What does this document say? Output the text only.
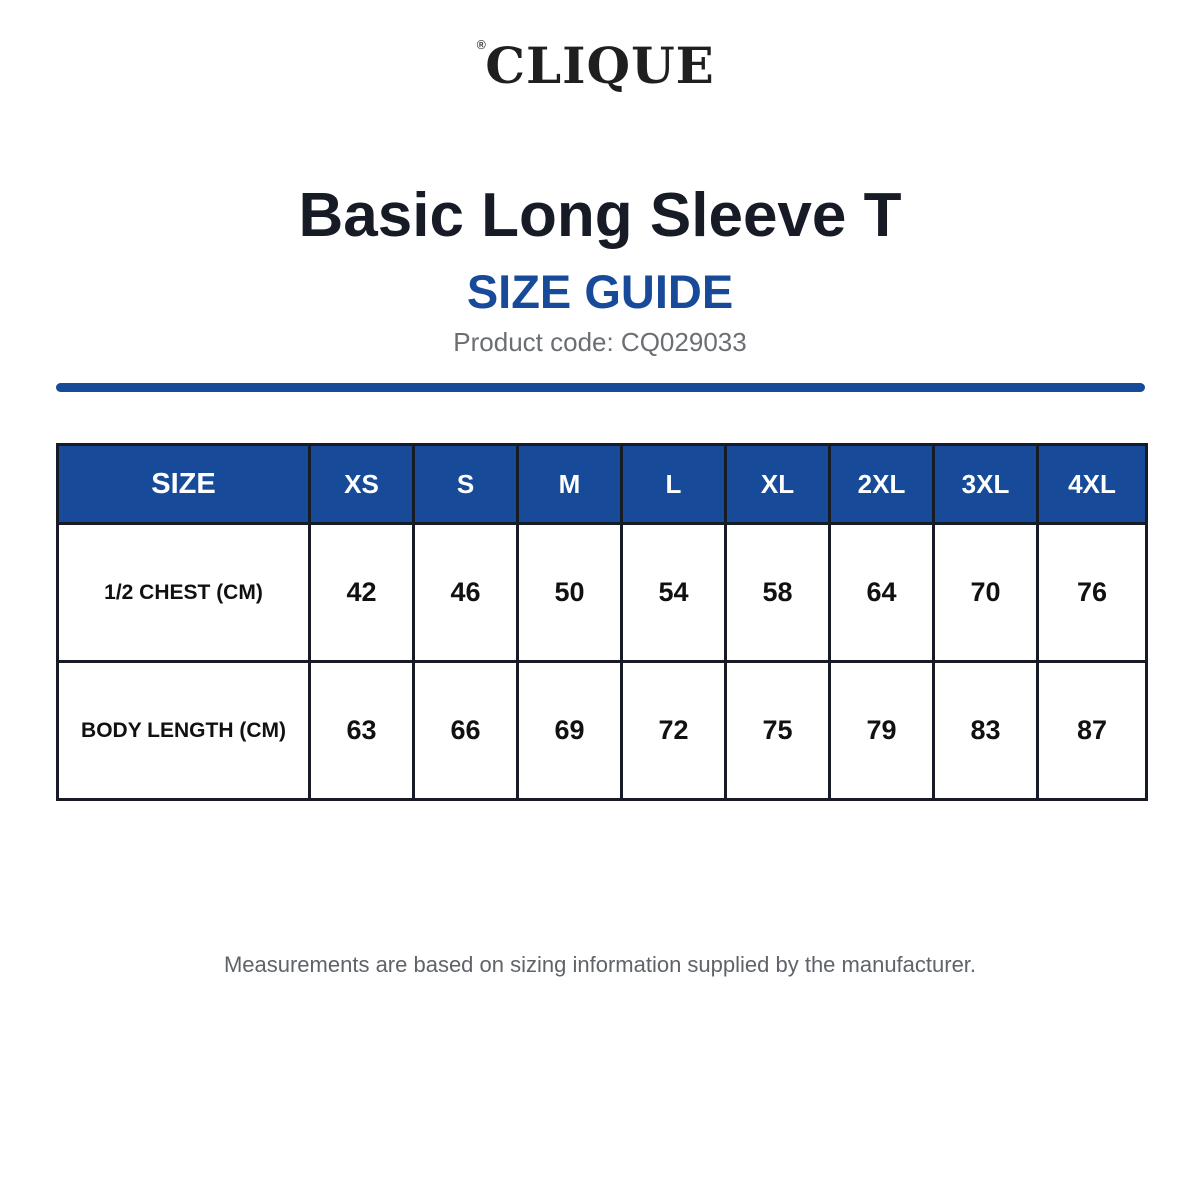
®
CLIQUE
Basic Long Sleeve T
SIZE GUIDE
Product code: CQ029033
SIZE	XS	S	M	L	XL	2XL	3XL	4XL
1/2 CHEST (CM)	42	46	50	54	58	64	70	76
BODY LENGTH (CM)	63	66	69	72	75	79	83	87
Measurements are based on sizing information supplied by the manufacturer.
